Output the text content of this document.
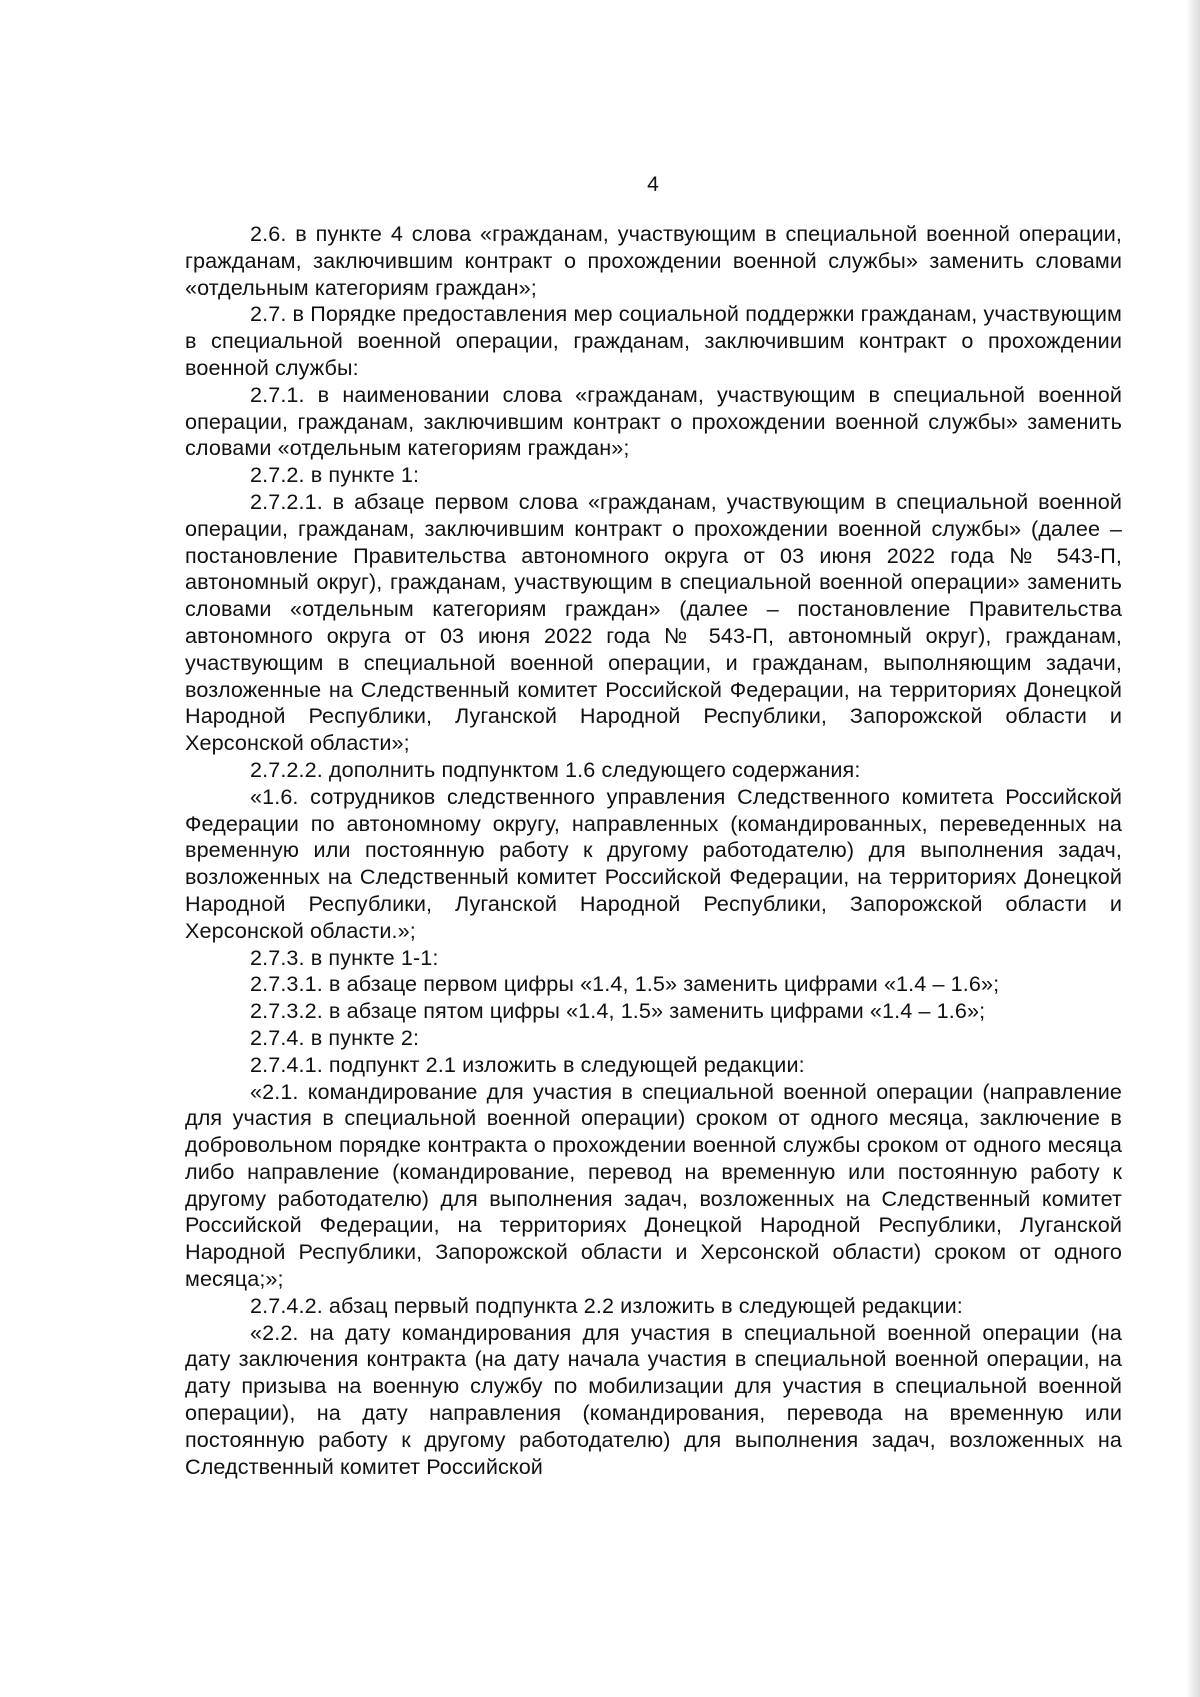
4

2.6. в пункте 4 слова «гражданам, участвующим в специальной военной операции, гражданам, заключившим контракт о прохождении военной службы» заменить словами «отдельным категориям граждан»;

2.7. в Порядке предоставления мер социальной поддержки гражданам, участвующим в специальной военной операции, гражданам, заключившим контракт о прохождении военной службы:

2.7.1. в наименовании слова «гражданам, участвующим в специальной военной операции, гражданам, заключившим контракт о прохождении военной службы» заменить словами «отдельным категориям граждан»;

2.7.2. в пункте 1:

2.7.2.1. в абзаце первом слова «гражданам, участвующим в специальной военной операции, гражданам, заключившим контракт о прохождении военной службы» (далее – постановление Правительства автономного округа от 03 июня 2022 года № 543-П, автономный округ), гражданам, участвующим в специальной военной операции» заменить словами «отдельным категориям граждан» (далее – постановление Правительства автономного округа от 03 июня 2022 года № 543-П, автономный округ), гражданам, участвующим в специальной военной операции, и гражданам, выполняющим задачи, возложенные на Следственный комитет Российской Федерации, на территориях Донецкой Народной Республики, Луганской Народной Республики, Запорожской области и Херсонской области»;

2.7.2.2. дополнить подпунктом 1.6 следующего содержания:

«1.6. сотрудников следственного управления Следственного комитета Российской Федерации по автономному округу, направленных (командированных, переведенных на временную или постоянную работу к другому работодателю) для выполнения задач, возложенных на Следственный комитет Российской Федерации, на территориях Донецкой Народной Республики, Луганской Народной Республики, Запорожской области и Херсонской области.»;

2.7.3. в пункте 1-1:

2.7.3.1. в абзаце первом цифры «1.4, 1.5» заменить цифрами «1.4 – 1.6»;

2.7.3.2. в абзаце пятом цифры «1.4, 1.5» заменить цифрами «1.4 – 1.6»;

2.7.4. в пункте 2:

2.7.4.1. подпункт 2.1 изложить в следующей редакции:

«2.1. командирование для участия в специальной военной операции (направление для участия в специальной военной операции) сроком от одного месяца, заключение в добровольном порядке контракта о прохождении военной службы сроком от одного месяца либо направление (командирование, перевод на временную или постоянную работу к другому работодателю) для выполнения задач, возложенных на Следственный комитет Российской Федерации, на территориях Донецкой Народной Республики, Луганской Народной Республики, Запорожской области и Херсонской области) сроком от одного месяца;»;

2.7.4.2. абзац первый подпункта 2.2 изложить в следующей редакции:

«2.2. на дату командирования для участия в специальной военной операции (на дату заключения контракта (на дату начала участия в специальной военной операции, на дату призыва на военную службу по мобилизации для участия в специальной военной операции), на дату направления (командирования, перевода на временную или постоянную работу к другому работодателю) для выполнения задач, возложенных на Следственный комитет Российской
